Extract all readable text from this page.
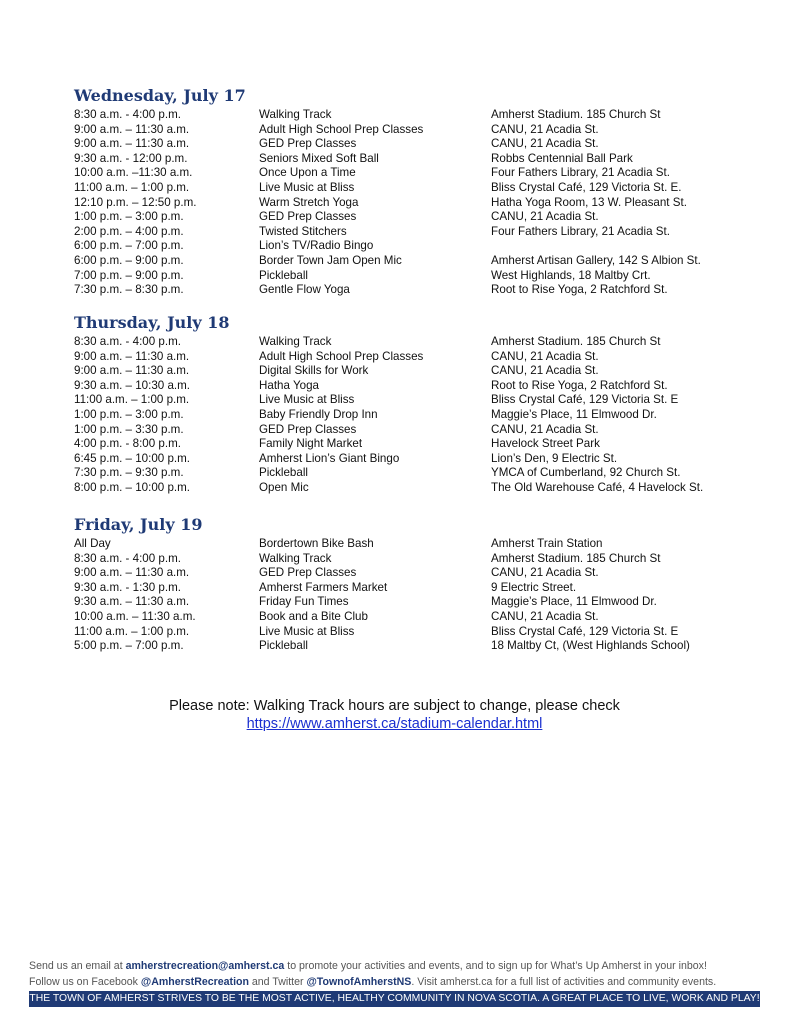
Wednesday, July 17
8:30 a.m. - 4:00 p.m.	Walking Track	Amherst Stadium. 185 Church St
9:00 a.m. – 11:30 a.m.	Adult High School Prep Classes	CANU, 21 Acadia St.
9:00 a.m. – 11:30 a.m.	GED Prep Classes	CANU, 21 Acadia St.
9:30 a.m. - 12:00 p.m.	Seniors Mixed Soft Ball	Robbs Centennial Ball Park
10:00 a.m. –11:30 a.m.	Once Upon a Time	Four Fathers Library, 21 Acadia St.
11:00 a.m. – 1:00 p.m.	Live Music at Bliss	Bliss Crystal Café, 129 Victoria St. E.
12:10 p.m. – 12:50 p.m.	Warm Stretch Yoga	Hatha Yoga Room, 13 W. Pleasant St.
1:00 p.m. – 3:00 p.m.	GED Prep Classes	CANU, 21 Acadia St.
2:00 p.m. – 4:00 p.m.	Twisted Stitchers	Four Fathers Library, 21 Acadia St.
6:00 p.m. – 7:00 p.m.	Lion’s TV/Radio Bingo
6:00 p.m. – 9:00 p.m.	Border Town Jam Open Mic	Amherst Artisan Gallery, 142 S Albion St.
7:00 p.m. – 9:00 p.m.	Pickleball	West Highlands, 18 Maltby Crt.
7:30 p.m. – 8:30 p.m.	Gentle Flow Yoga	Root to Rise Yoga, 2 Ratchford St.
Thursday, July 18
8:30 a.m. - 4:00 p.m.	Walking Track	Amherst Stadium. 185 Church St
9:00 a.m. – 11:30 a.m.	Adult High School Prep Classes	CANU, 21 Acadia St.
9:00 a.m. – 11:30 a.m.	Digital Skills for Work	CANU, 21 Acadia St.
9:30 a.m. – 10:30 a.m.	Hatha Yoga	Root to Rise Yoga, 2 Ratchford St.
11:00 a.m. – 1:00 p.m.	Live Music at Bliss	Bliss Crystal Café, 129 Victoria St. E
1:00 p.m. – 3:00 p.m.	Baby Friendly Drop Inn	Maggie’s Place, 11 Elmwood Dr.
1:00 p.m. – 3:30 p.m.	GED Prep Classes	CANU, 21 Acadia St.
4:00 p.m. - 8:00 p.m.	Family Night Market	Havelock Street Park
6:45 p.m. – 10:00 p.m.	Amherst Lion’s Giant Bingo	Lion’s Den, 9 Electric St.
7:30 p.m. – 9:30 p.m.	Pickleball	YMCA of Cumberland, 92 Church St.
8:00 p.m. – 10:00 p.m.	Open Mic	The Old Warehouse Café, 4 Havelock St.
Friday, July 19
All Day	Bordertown Bike Bash	Amherst Train Station
8:30 a.m. - 4:00 p.m.	Walking Track	Amherst Stadium. 185 Church St
9:00 a.m. – 11:30 a.m.	GED Prep Classes	CANU, 21 Acadia St.
9:30 a.m. - 1:30 p.m.	Amherst Farmers Market	9 Electric Street.
9:30 a.m. – 11:30 a.m.	Friday Fun Times	Maggie’s Place, 11 Elmwood Dr.
10:00 a.m. – 11:30 a.m.	Book and a Bite Club	CANU, 21 Acadia St.
11:00 a.m. – 1:00 p.m.	Live Music at Bliss	Bliss Crystal Café, 129 Victoria St. E
5:00 p.m. – 7:00 p.m.	Pickleball	18 Maltby Ct, (West Highlands School)
Please note: Walking Track hours are subject to change, please check
https://www.amherst.ca/stadium-calendar.html
Send us an email at amherstrecreation@amherst.ca to promote your activities and events, and to sign up for What’s Up Amherst in your inbox!
Follow us on Facebook @AmherstRecreation and Twitter @TownofAmherstNS. Visit amherst.ca for a full list of activities and community events.
THE TOWN OF AMHERST STRIVES TO BE THE MOST ACTIVE, HEALTHY COMMUNITY IN NOVA SCOTIA. A GREAT PLACE TO LIVE, WORK AND PLAY!
